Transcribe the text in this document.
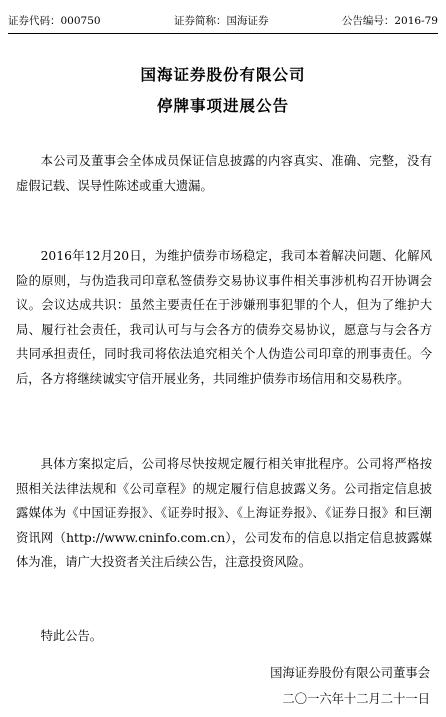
证券代码：000750	证券简称：国海证券	公告编号：2016-79
国海证券股份有限公司
停牌事项进展公告

本公司及董事会全体成员保证信息披露的内容真实、准确、完整，没有虚假记载、误导性陈述或重大遗漏。

2016年12月20日，为维护债券市场稳定，我司本着解决问题、化解风险的原则，与伪造我司印章私签债券交易协议事件相关事涉机构召开协调会议。会议达成共识：虽然主要责任在于涉嫌刑事犯罪的个人，但为了维护大局、履行社会责任，我司认可与与会各方的债券交易协议，愿意与与会各方共同承担责任，同时我司将依法追究相关个人伪造公司印章的刑事责任。今后，各方将继续诚实守信开展业务，共同维护债券市场信用和交易秩序。

具体方案拟定后，公司将尽快按规定履行相关审批程序。公司将严格按照相关法律法规和《公司章程》的规定履行信息披露义务。公司指定信息披露媒体为《中国证券报》、《证券时报》、《上海证券报》、《证券日报》和巨潮资讯网（http://www.cninfo.com.cn），公司发布的信息以指定信息披露媒体为准，请广大投资者关注后续公告，注意投资风险。

特此公告。

国海证券股份有限公司董事会
二〇一六年十二月二十一日
